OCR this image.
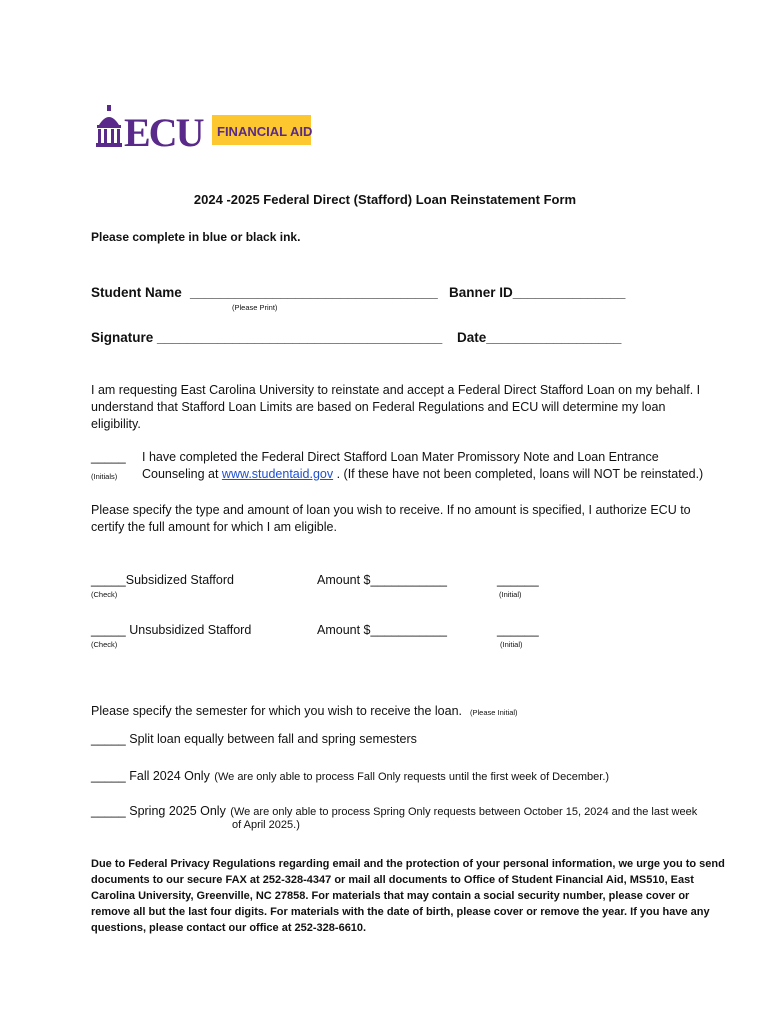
ECU FINANCIAL AID
2024 -2025 Federal Direct (Stafford) Loan Reinstatement Form
Please complete in blue or black ink.
Student Name _________________________________
(Please Print)
Banner ID_______________
Signature ______________________________________ Date__________________
I am requesting East Carolina University to reinstate and accept a Federal Direct Stafford Loan on my behalf. I understand that Stafford Loan Limits are based on Federal Regulations and ECU will determine my loan eligibility.
_____
(Initials)
I have completed the Federal Direct Stafford Loan Mater Promissory Note and Loan Entrance
Counseling at www.studentaid.gov . (If these have not been completed, loans will NOT be reinstated.)
Please specify the type and amount of loan you wish to receive. If no amount is specified, I authorize ECU to certify the full amount for which I am eligible.
_____Subsidized Stafford
(Check)
Amount $___________	______
(Initial)
_____ Unsubsidized Stafford
(Check)
Amount $___________	______
(Initial)
Please specify the semester for which you wish to receive the loan. (Please Initial)
_____ Split loan equally between fall and spring semesters
_____ Fall 2024 Only (We are only able to process Fall Only requests until the first week of December.)
_____ Spring 2025 Only (We are only able to process Spring Only requests between October 15, 2024 and the last week
of April 2025.)
Due to Federal Privacy Regulations regarding email and the protection of your personal information, we urge you to send documents to our secure FAX at 252-328-4347 or mail all documents to Office of Student Financial Aid, MS510, East Carolina University, Greenville, NC 27858. For materials that may contain a social security number, please cover or remove all but the last four digits. For materials with the date of birth, please cover or remove the year. If you have any questions, please contact our office at 252-328-6610.
